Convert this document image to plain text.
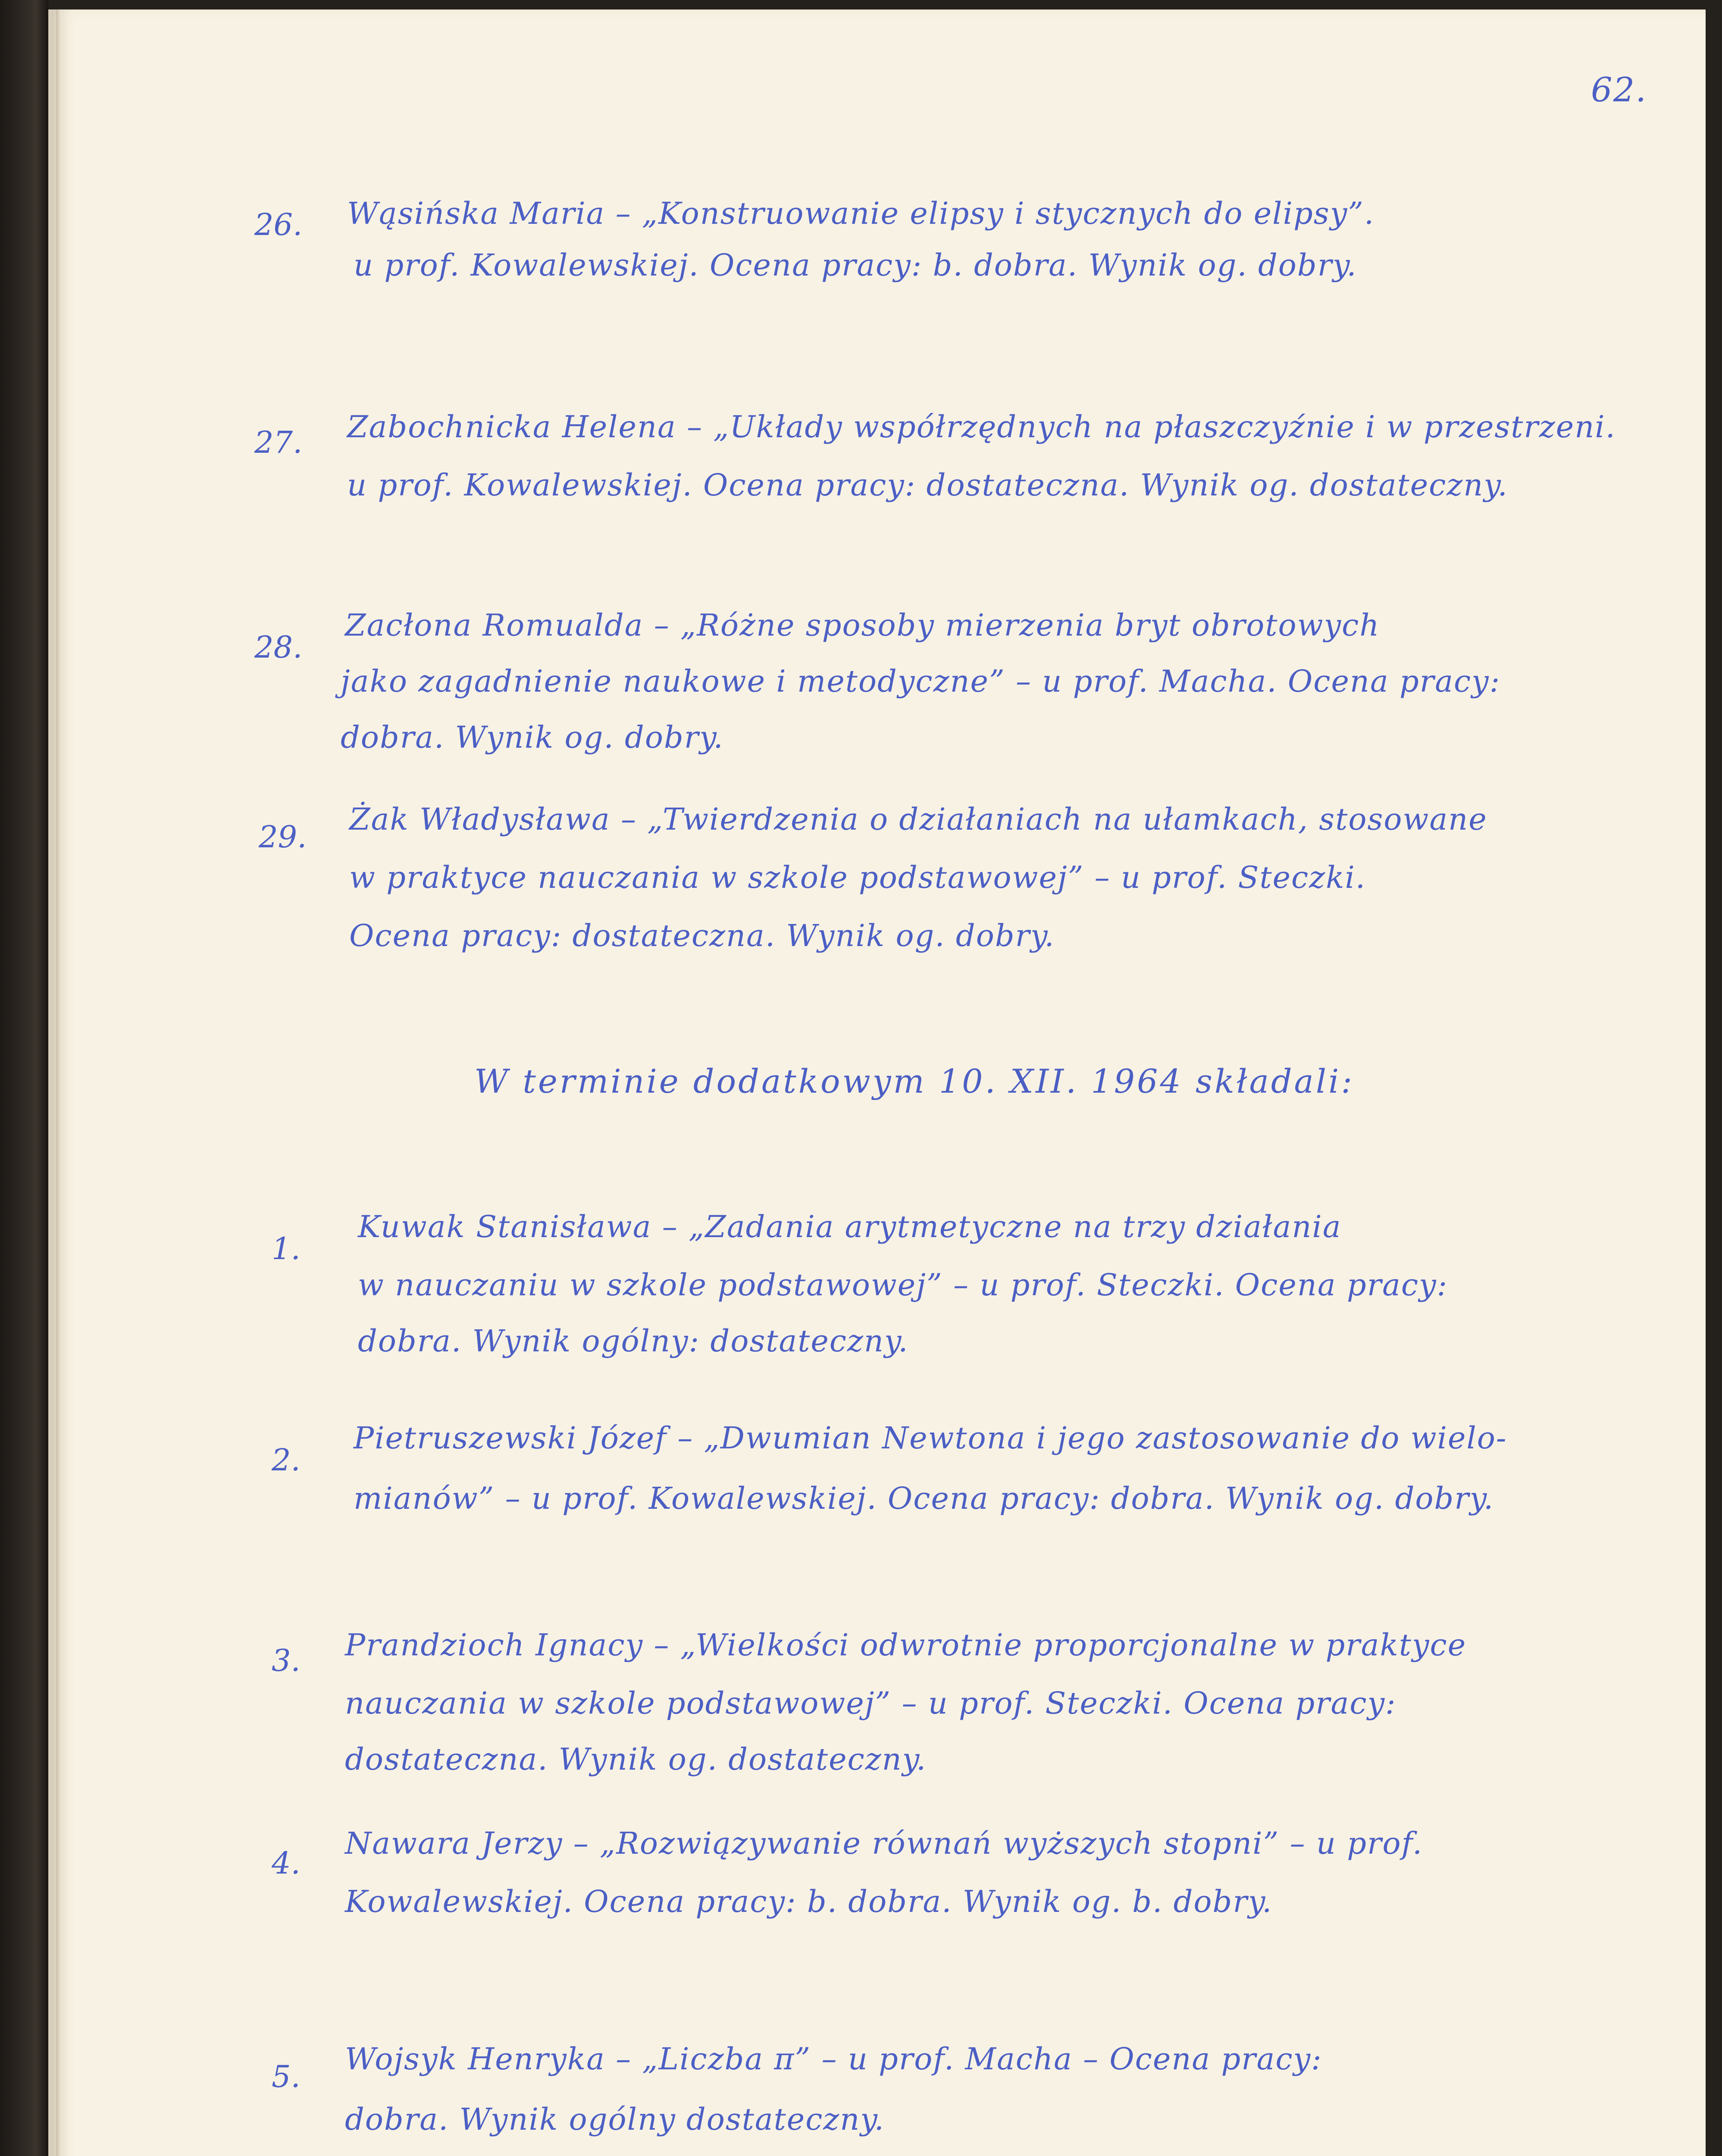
62.
26. Wąsińska Maria – „Konstruowanie elipsy i stycznych do elipsy”.
u prof. Kowalewskiej. Ocena pracy: b. dobra. Wynik og. dobry.
27. Zabochnicka Helena – „Układy współrzędnych na płaszczyźnie i w przestrzeni.
u prof. Kowalewskiej. Ocena pracy: dostateczna. Wynik og. dostateczny.
28.
Zacłona Romualda – „Różne sposoby mierzenia bryt obrotowych
jako zagadnienie naukowe i metodyczne” – u prof. Macha. Ocena pracy:
dobra. Wynik og. dobry.
29. Żak Władysława – „Twierdzenia o działaniach na ułamkach, stosowane
w praktyce nauczania w szkole podstawowej” – u prof. Steczki.
Ocena pracy: dostateczna. Wynik og. dobry.
W terminie dodatkowym 10. XII. 1964 składali:
1.
Kuwak Stanisława – „Zadania arytmetyczne na trzy działania
w nauczaniu w szkole podstawowej” – u prof. Steczki. Ocena pracy:
dobra. Wynik ogólny: dostateczny.
2.
Pietruszewski Józef – „Dwumian Newtona i jego zastosowanie do wielo-
mianów” – u prof. Kowalewskiej. Ocena pracy: dobra. Wynik og. dobry.
3. Prandzioch Ignacy – „Wielkości odwrotnie proporcjonalne w praktyce
nauczania w szkole podstawowej” – u prof. Steczki. Ocena pracy:
dostateczna. Wynik og. dostateczny.
4.
Nawara Jerzy – „Rozwiązywanie równań wyższych stopni” – u prof.
Kowalewskiej. Ocena pracy: b. dobra. Wynik og. b. dobry.
5. Wojsyk Henryka – „Liczba π” – u prof. Macha – Ocena pracy:
dobra. Wynik ogólny dostateczny.
